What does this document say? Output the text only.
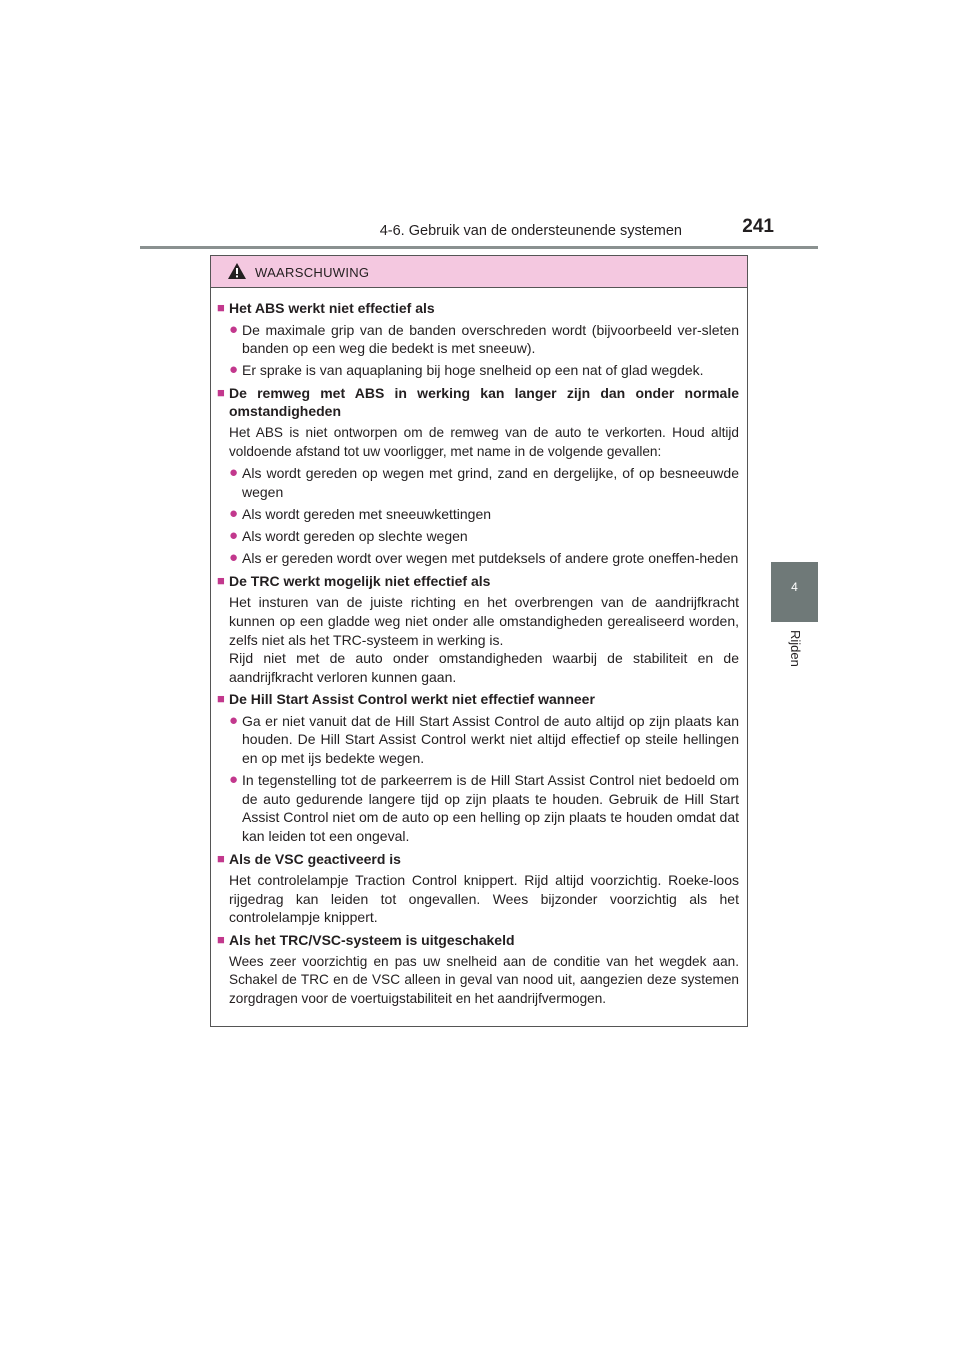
4-6. Gebruik van de ondersteunende systemen	241
4
Rijden
WAARSCHUWING
■ Het ABS werkt niet effectief als
● De maximale grip van de banden overschreden wordt (bijvoorbeeld ver-sleten banden op een weg die bedekt is met sneeuw).
● Er sprake is van aquaplaning bij hoge snelheid op een nat of glad wegdek.
■ De remweg met ABS in werking kan langer zijn dan onder normale omstandigheden
Het ABS is niet ontworpen om de remweg van de auto te verkorten. Houd altijd voldoende afstand tot uw voorligger, met name in de volgende gevallen:
● Als wordt gereden op wegen met grind, zand en dergelijke, of op besneeuwde wegen
● Als wordt gereden met sneeuwkettingen
● Als wordt gereden op slechte wegen
● Als er gereden wordt over wegen met putdeksels of andere grote oneffen-heden
■ De TRC werkt mogelijk niet effectief als
Het insturen van de juiste richting en het overbrengen van de aandrijfkracht kunnen op een gladde weg niet onder alle omstandigheden gerealiseerd worden, zelfs niet als het TRC-systeem in werking is.
Rijd niet met de auto onder omstandigheden waarbij de stabiliteit en de aandrijfkracht verloren kunnen gaan.
■ De Hill Start Assist Control werkt niet effectief wanneer
● Ga er niet vanuit dat de Hill Start Assist Control de auto altijd op zijn plaats kan houden. De Hill Start Assist Control werkt niet altijd effectief op steile hellingen en op met ijs bedekte wegen.
● In tegenstelling tot de parkeerrem is de Hill Start Assist Control niet bedoeld om de auto gedurende langere tijd op zijn plaats te houden. Gebruik de Hill Start Assist Control niet om de auto op een helling op zijn plaats te houden omdat dat kan leiden tot een ongeval.
■ Als de VSC geactiveerd is
Het controlelampje Traction Control knippert. Rijd altijd voorzichtig. Roeke-loos rijgedrag kan leiden tot ongevallen. Wees bijzonder voorzichtig als het controlelampje knippert.
■ Als het TRC/VSC-systeem is uitgeschakeld
Wees zeer voorzichtig en pas uw snelheid aan de conditie van het wegdek aan. Schakel de TRC en de VSC alleen in geval van nood uit, aangezien deze systemen zorgdragen voor de voertuigstabiliteit en het aandrijfvermogen.
